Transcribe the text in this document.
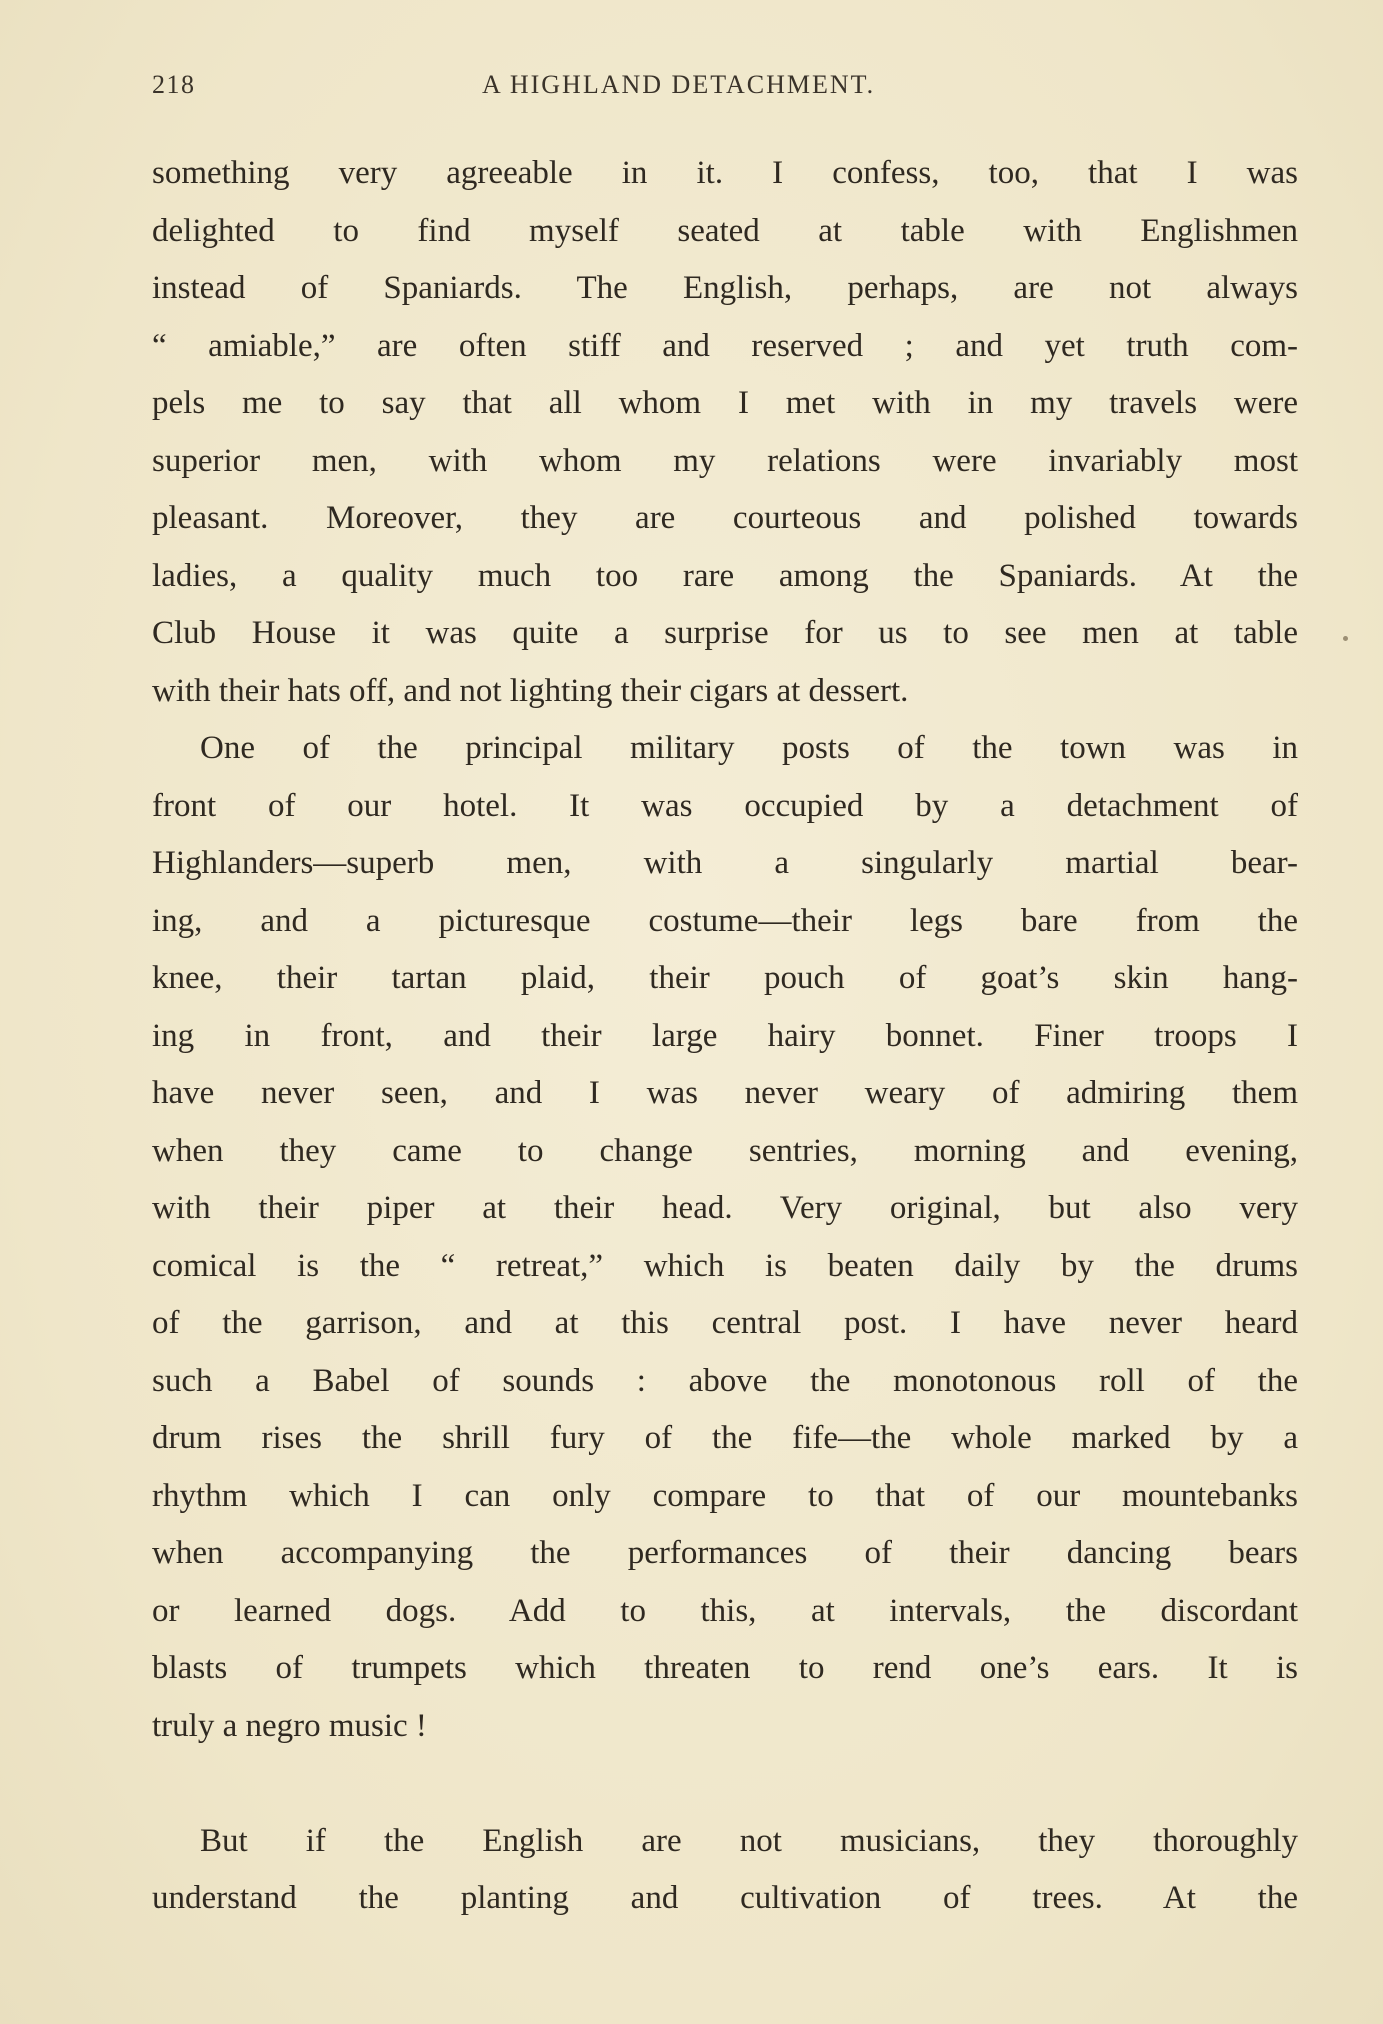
218	A HIGHLAND DETACHMENT.
something very agreeable in it. I confess, too, that I was
delighted to find myself seated at table with Englishmen
instead of Spaniards. The English, perhaps, are not always
“ amiable,” are often stiff and reserved ; and yet truth com-
pels me to say that all whom I met with in my travels were
superior men, with whom my relations were invariably most
pleasant. Moreover, they are courteous and polished towards
ladies, a quality much too rare among the Spaniards. At the
Club House it was quite a surprise for us to see men at table
with their hats off, and not lighting their cigars at dessert.
One of the principal military posts of the town was in
front of our hotel. It was occupied by a detachment of
Highlanders—superb men, with a singularly martial bear-
ing, and a picturesque costume—their legs bare from the
knee, their tartan plaid, their pouch of goat’s skin hang-
ing in front, and their large hairy bonnet. Finer troops I
have never seen, and I was never weary of admiring them
when they came to change sentries, morning and evening,
with their piper at their head. Very original, but also very
comical is the “ retreat,” which is beaten daily by the drums
of the garrison, and at this central post. I have never heard
such a Babel of sounds : above the monotonous roll of the
drum rises the shrill fury of the fife—the whole marked by a
rhythm which I can only compare to that of our mountebanks
when accompanying the performances of their dancing bears
or learned dogs. Add to this, at intervals, the discordant
blasts of trumpets which threaten to rend one’s ears. It is
truly a negro music !
But if the English are not musicians, they thoroughly
understand the planting and cultivation of trees. At the
